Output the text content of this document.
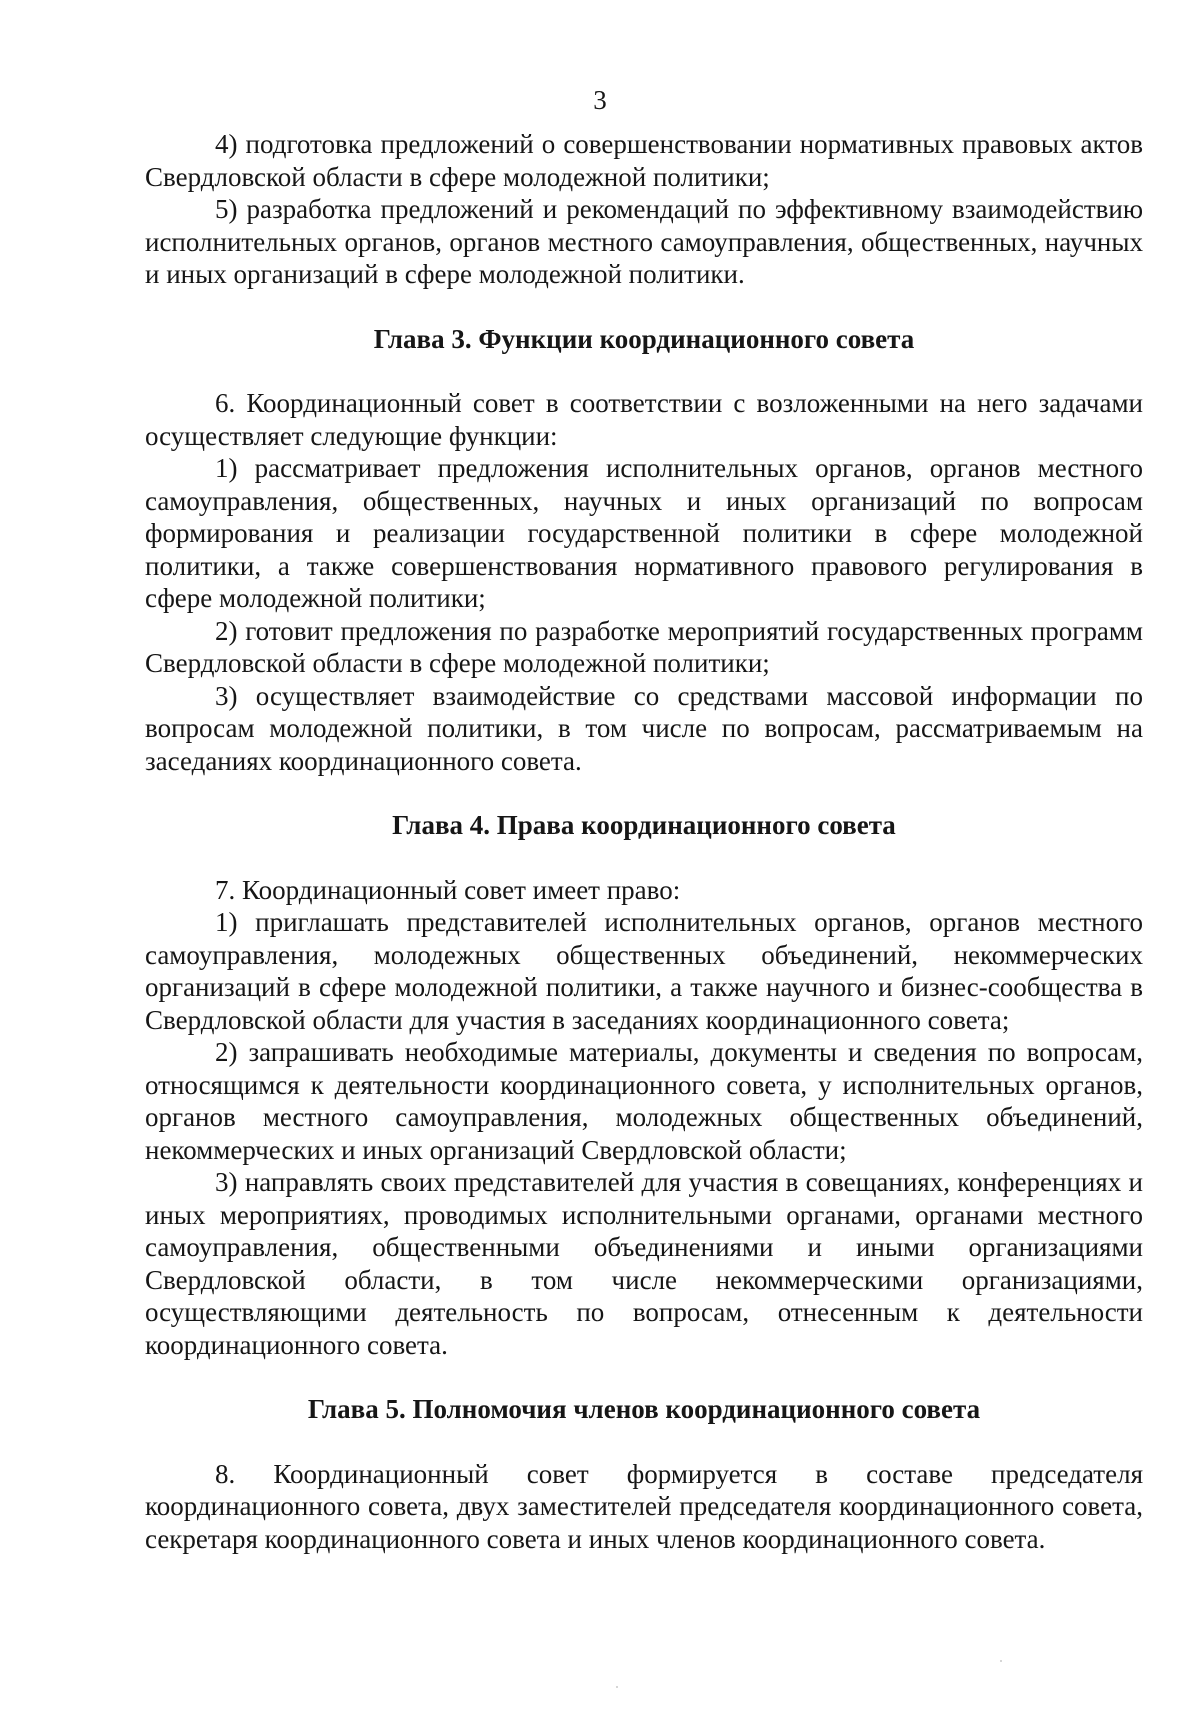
3

4) подготовка предложений о совершенствовании нормативных правовых актов Свердловской области в сфере молодежной политики;

5) разработка предложений и рекомендаций по эффективному взаимодействию исполнительных органов, органов местного самоуправления, общественных, научных и иных организаций в сфере молодежной политики.

Глава 3. Функции координационного совета

6. Координационный совет в соответствии с возложенными на него задачами осуществляет следующие функции:

1) рассматривает предложения исполнительных органов, органов местного самоуправления, общественных, научных и иных организаций по вопросам формирования и реализации государственной политики в сфере молодежной политики, а также совершенствования нормативного правового регулирования в сфере молодежной политики;

2) готовит предложения по разработке мероприятий государственных программ Свердловской области в сфере молодежной политики;

3) осуществляет взаимодействие со средствами массовой информации по вопросам молодежной политики, в том числе по вопросам, рассматриваемым на заседаниях координационного совета.

Глава 4. Права координационного совета

7. Координационный совет имеет право:

1) приглашать представителей исполнительных органов, органов местного самоуправления, молодежных общественных объединений, некоммерческих организаций в сфере молодежной политики, а также научного и бизнес-сообщества в Свердловской области для участия в заседаниях координационного совета;

2) запрашивать необходимые материалы, документы и сведения по вопросам, относящимся к деятельности координационного совета, у исполнительных органов, органов местного самоуправления, молодежных общественных объединений, некоммерческих и иных организаций Свердловской области;

3) направлять своих представителей для участия в совещаниях, конференциях и иных мероприятиях, проводимых исполнительными органами, органами местного самоуправления, общественными объединениями и иными организациями Свердловской области, в том числе некоммерческими организациями, осуществляющими деятельность по вопросам, отнесенным к деятельности координационного совета.

Глава 5. Полномочия членов координационного совета

8. Координационный совет формируется в составе председателя координационного совета, двух заместителей председателя координационного совета, секретаря координационного совета и иных членов координационного совета.
